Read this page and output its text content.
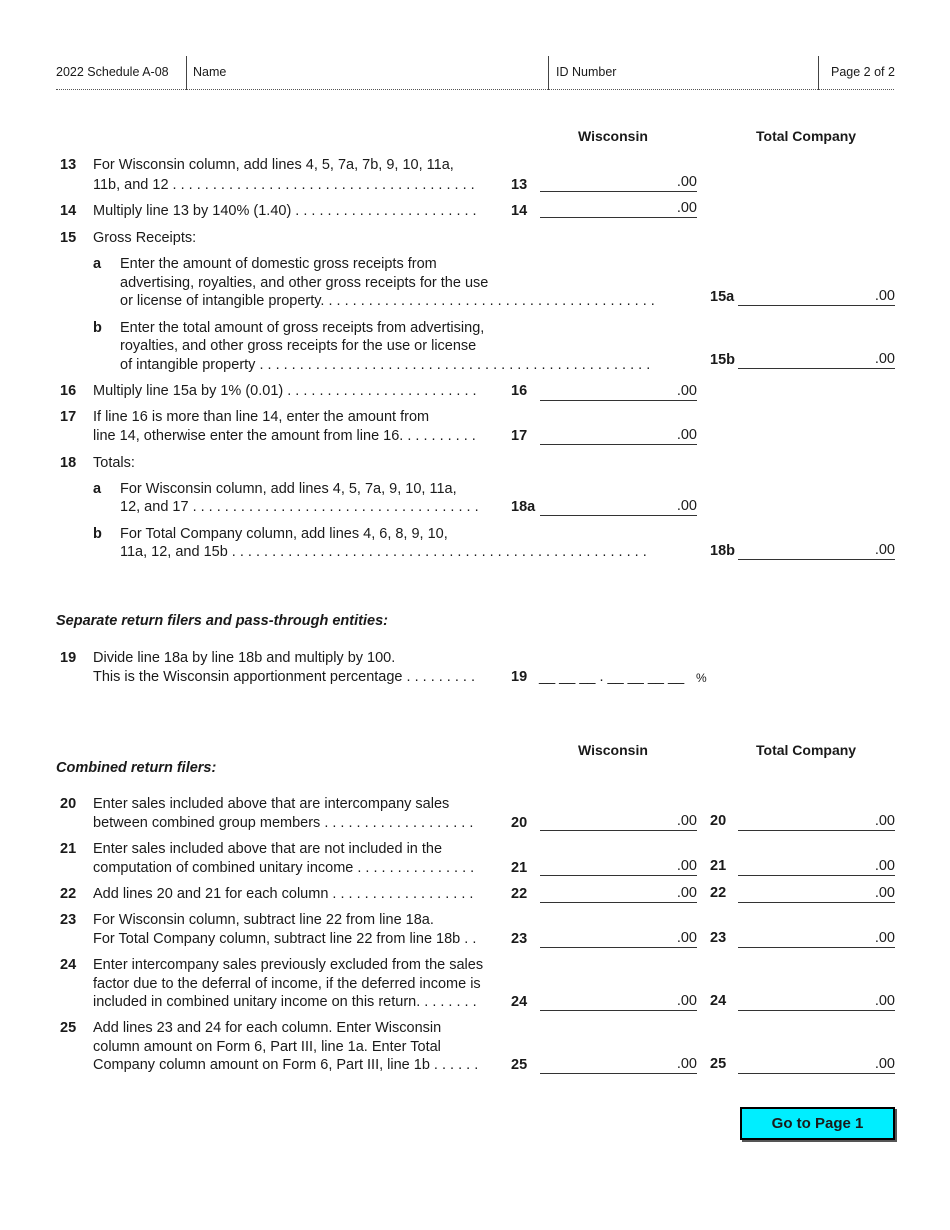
2022 Schedule A-08 Name	ID Number	Page 2 of 2
Wisconsin	Total Company
13 For Wisconsin column, add lines 4, 5, 7a, 7b, 9, 10, 11a,
11b, and 12 . . . . . . . . . . . . . . . . . . . . . . . . . . . . . . . . . . . . . .	13	.00
14 Multiply line 13 by 140% (1.40) . . . . . . . . . . . . . . . . . . . . . . . 14	.00
15 Gross Receipts:
a Enter the amount of domestic gross receipts from
advertising, royalties, and other gross receipts for the use
or license of intangible property. . . . . . . . . . . . . . . . . . . . . . . . . . . . . . . . . . . . . . . . . .	15a	.00
b Enter the total amount of gross receipts from advertising,
royalties, and other gross receipts for the use or license
of intangible property . . . . . . . . . . . . . . . . . . . . . . . . . . . . . . . . . . . . . . . . . . . . . . . . .	15b	.00
16 Multiply line 15a by 1% (0.01) . . . . . . . . . . . . . . . . . . . . . . . . 16	.00
17 If line 16 is more than line 14, enter the amount from
line 14, otherwise enter the amount from line 16. . . . . . . . . . 17	.00
18 Totals:
a For Wisconsin column, add lines 4, 5, 7a, 9, 10, 11a,
12, and 17 . . . . . . . . . . . . . . . . . . . . . . . . . . . . . . . . . . . . 18a	.00
b For Total Company column, add lines 4, 6, 8, 9, 10,
11a, 12, and 15b . . . . . . . . . . . . . . . . . . . . . . . . . . . . . . . . . . . . . . . . . . . . . . . . . . . .	18b	.00
Separate return filers and pass-through entities:
19 Divide line 18a by line 18b and multiply by 100.
This is the Wisconsin apportionment percentage . . . . . . . . . 19 __ __ __ . __ __ __ __ %
Wisconsin	Total Company
Combined return filers:
20 Enter sales included above that are intercompany sales
between combined group members . . . . . . . . . . . . . . . . . . .	20	.00 20	.00
21 Enter sales included above that are not included in the
computation of combined unitary income . . . . . . . . . . . . . . .	21	.00 21	.00
22 Add lines 20 and 21 for each column . . . . . . . . . . . . . . . . . .	22	.00 22	.00
23 For Wisconsin column, subtract line 22 from line 18a.
For Total Company column, subtract line 22 from line 18b . . 23	.00 23	.00
24 Enter intercompany sales previously excluded from the sales
factor due to the deferral of income, if the deferred income is
included in combined unitary income on this return. . . . . . . . 24	.00 24	.00
25 Add lines 23 and 24 for each column. Enter Wisconsin
column amount on Form 6, Part III, line 1a. Enter Total
Company column amount on Form 6, Part III, line 1b . . . . . . 25	.00 25	.00
Go to Page 1
